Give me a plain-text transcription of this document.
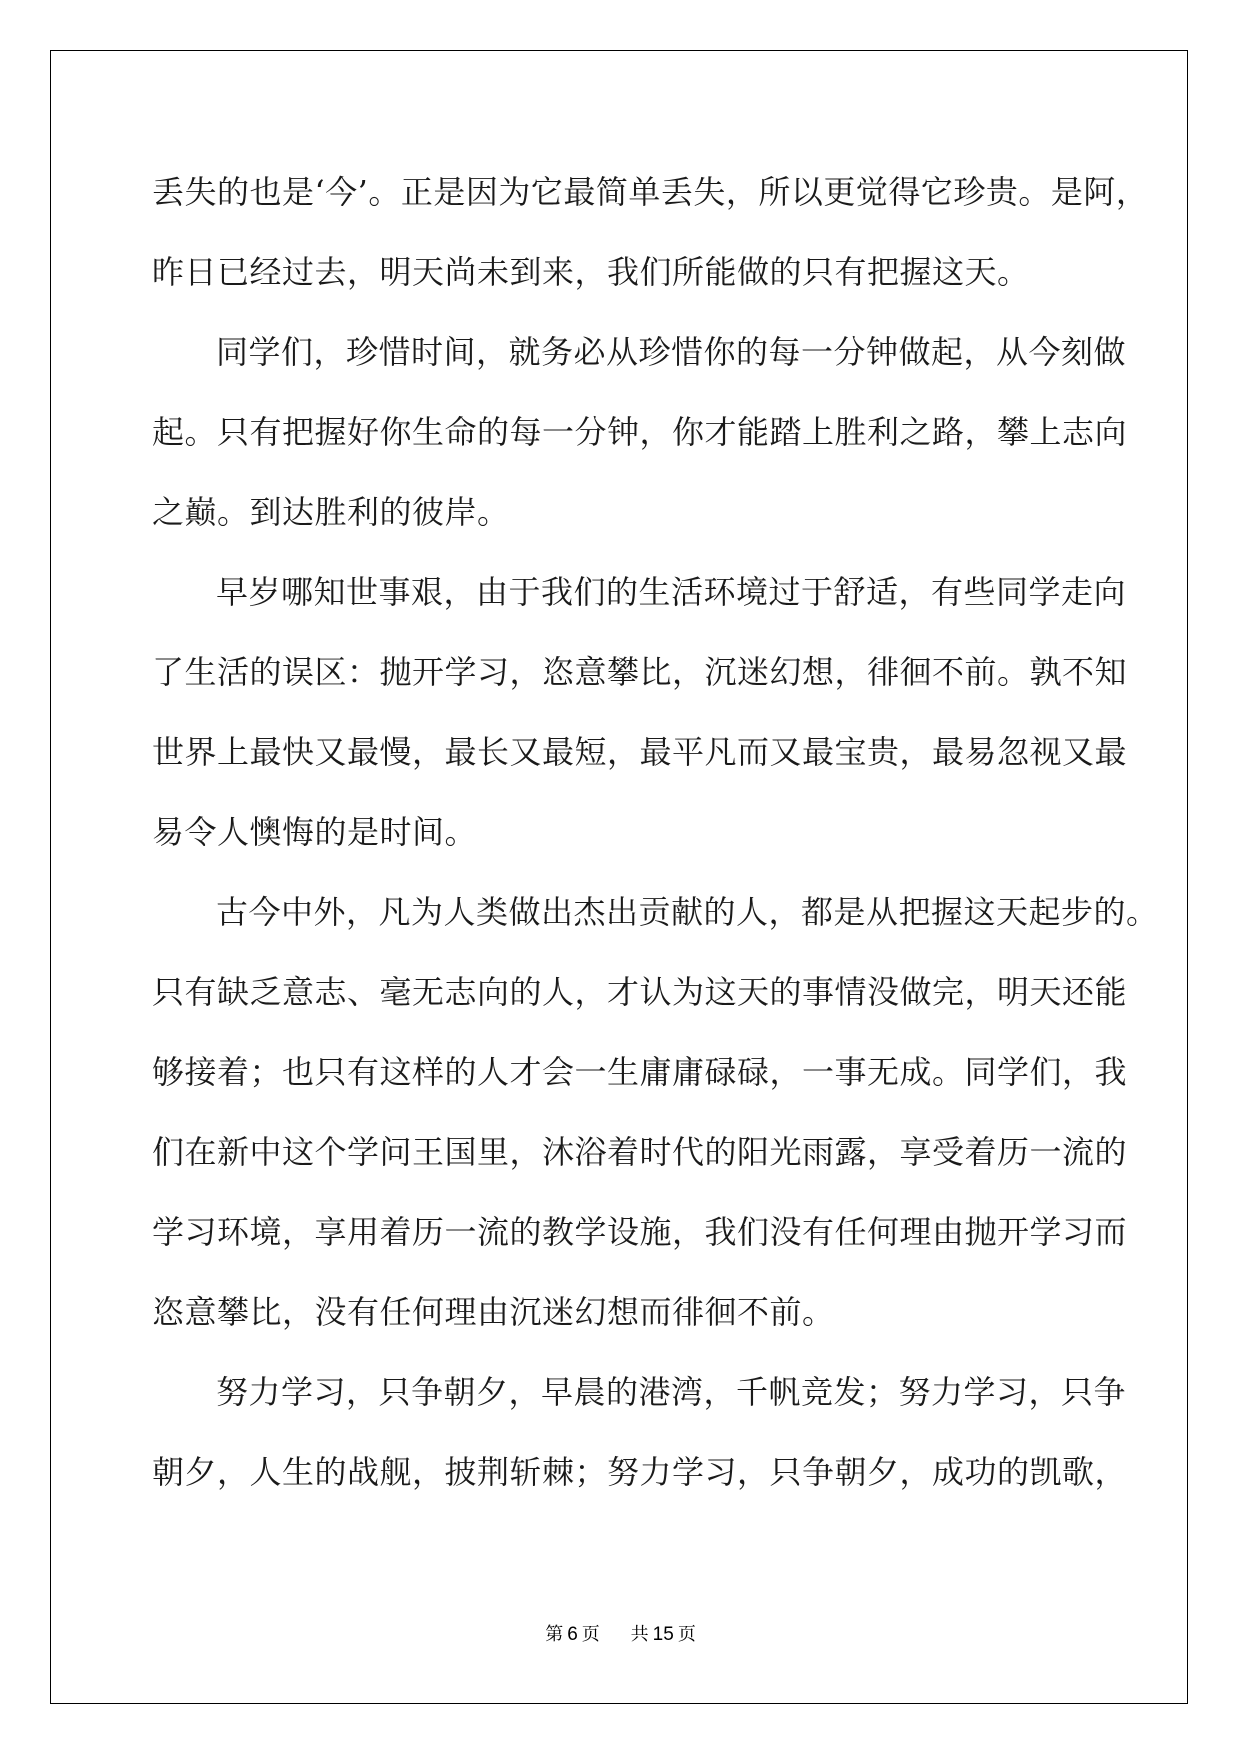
丢失的也是‘今’。正是因为它最简单丢失，所以更觉得它珍贵。是阿，
昨日已经过去，明天尚未到来，我们所能做的只有把握这天。
同学们，珍惜时间，就务必从珍惜你的每一分钟做起，从今刻做
起。只有把握好你生命的每一分钟，你才能踏上胜利之路，攀上志向
之巅。到达胜利的彼岸。
早岁哪知世事艰，由于我们的生活环境过于舒适，有些同学走向
了生活的误区：抛开学习，恣意攀比，沉迷幻想，徘徊不前。孰不知
世界上最快又最慢，最长又最短，最平凡而又最宝贵，最易忽视又最
易令人懊悔的是时间。
古今中外，凡为人类做出杰出贡献的人，都是从把握这天起步的。
只有缺乏意志、毫无志向的人，才认为这天的事情没做完，明天还能
够接着；也只有这样的人才会一生庸庸碌碌，一事无成。同学们，我
们在新中这个学问王国里，沐浴着时代的阳光雨露，享受着历一流的
学习环境，享用着历一流的教学设施，我们没有任何理由抛开学习而
恣意攀比，没有任何理由沉迷幻想而徘徊不前。
努力学习，只争朝夕，早晨的港湾，千帆竞发；努力学习，只争
朝夕，人生的战舰，披荆斩棘；努力学习，只争朝夕，成功的凯歌，
第 6 页 共 15 页
